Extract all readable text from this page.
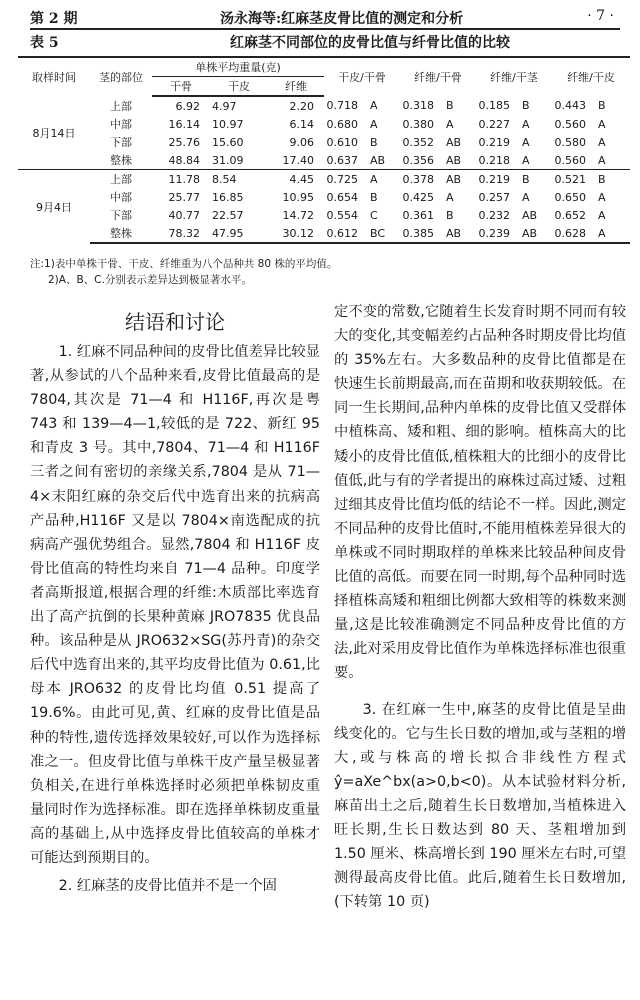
第 2 期	汤永海等:红麻茎皮骨比值的测定和分析	· 7 ·
表 5	红麻茎不同部位的皮骨比值与纤骨比值的比较
取样时间	茎的部位	单株平均重量(克)			干皮/干骨		纤维/干骨		纤维/干茎		纤维/干皮	
		干骨	干皮	纤维								
8月14日	上部	6.92	4.97	2.20	0.718	A	0.318	B	0.185	B	0.443	B
	中部	16.14	10.97	6.14	0.680	A	0.380	A	0.227	A	0.560	A
	下部	25.76	15.60	9.06	0.610	B	0.352	AB	0.219	A	0.580	A
	整株	48.84	31.09	17.40	0.637	AB	0.356	AB	0.218	A	0.560	A
9月4日	上部	11.78	8.54	4.45	0.725	A	0.378	AB	0.219	B	0.521	B
	中部	25.77	16.85	10.95	0.654	B	0.425	A	0.257	A	0.650	A
	下部	40.77	22.57	14.72	0.554	C	0.361	B	0.232	AB	0.652	A
	整株	78.32	47.95	30.12	0.612	BC	0.385	AB	0.239	AB	0.628	A
注:1)表中单株干骨、干皮、纤维重为八个品种共 80 株的平均值。
2)A、B、C.分别表示差异达到极显著水平。
结语和讨论

1. 红麻不同品种间的皮骨比值差异比较显著,从参试的八个品种来看,皮骨比值最高的是 7804,其次是 71—4 和 H116F,再次是粤 743 和 139—4—1,较低的是 722、新红 95 和青皮 3 号。其中,7804、71—4 和 H116F 三者之间有密切的亲缘关系,7804 是从 71—4×末阳红麻的杂交后代中选育出来的抗病高产品种,H116F 又是以 7804×南选配成的抗病高产强优势组合。显然,7804 和 H116F 皮骨比值高的特性均来自 71—4 品种。印度学者高斯报道,根据合理的纤维:木质部比率选育出了高产抗倒的长果种黄麻 JRO7835 优良品种。该品种是从 JRO632×SG(苏丹青)的杂交后代中选育出来的,其平均皮骨比值为 0.61,比母本 JRO632 的皮骨比均值 0.51 提高了 19.6%。由此可见,黄、红麻的皮骨比值是品种的特性,遗传选择效果较好,可以作为选择标准之一。但皮骨比值与单株干皮产量呈极显著负相关,在进行单株选择时必须把单株韧皮重量同时作为选择标准。即在选择单株韧皮重量高的基础上,从中选择皮骨比值较高的单株才可能达到预期目的。

2. 红麻茎的皮骨比值并不是一个固

定不变的常数,它随着生长发育时期不同而有较大的变化,其变幅差约占品种各时期皮骨比均值的 35%左右。大多数品种的皮骨比值都是在快速生长前期最高,而在苗期和收获期较低。在同一生长期间,品种内单株的皮骨比值又受群体中植株高、矮和粗、细的影响。植株高大的比矮小的皮骨比值低,植株粗大的比细小的皮骨比值低,此与有的学者提出的麻株过高过矮、过粗过细其皮骨比值均低的结论不一样。因此,测定不同品种的皮骨比值时,不能用植株差异很大的单株或不同时期取样的单株来比较品种间皮骨比值的高低。而要在同一时期,每个品种同时选择植株高矮和粗细比例都大致相等的株数来测量,这是比较准确测定不同品种皮骨比值的方法,此对采用皮骨比值作为单株选择标准也很重要。

3. 在红麻一生中,麻茎的皮骨比值是呈曲线变化的。它与生长日数的增加,或与茎粗的增大,或与株高的增长拟合非线性方程式 ŷ=aXe^bx(a>0,b<0)。从本试验材料分析,麻苗出土之后,随着生长日数增加,当植株进入旺长期,生长日数达到 80 天、茎粗增加到 1.50 厘米、株高增长到 190 厘米左右时,可望测得最高皮骨比值。此后,随着生长日数增加,(下转第 10 页)
